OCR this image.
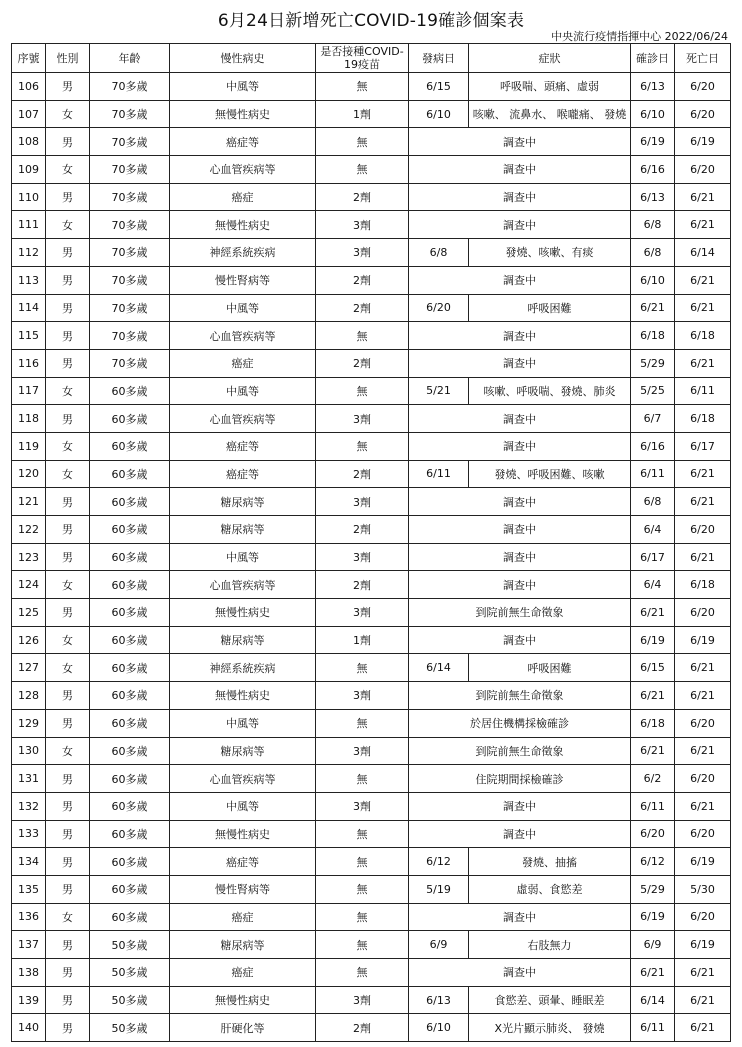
6月24日新增死亡COVID-19確診個案表
中央流行疫情指揮中心 2022/06/24
序號	性別	年齡	慢性病史	是否接種COVID-19疫苗	發病日	症狀	確診日	死亡日
106	男	70多歲	中風等	無	6/15	呼吸喘、頭痛、虛弱	6/13	6/20
107	女	70多歲	無慢性病史	1劑	6/10	咳嗽、 流鼻水、 喉嚨痛、 發燒	6/10	6/20
108	男	70多歲	癌症等	無	調查中		6/19	6/19
109	女	70多歲	心血管疾病等	無	調查中		6/16	6/20
110	男	70多歲	癌症	2劑	調查中		6/13	6/21
111	女	70多歲	無慢性病史	3劑	調查中		6/8	6/21
112	男	70多歲	神經系統疾病	3劑	6/8	發燒、咳嗽、有痰	6/8	6/14
113	男	70多歲	慢性腎病等	2劑	調查中		6/10	6/21
114	男	70多歲	中風等	2劑	6/20	呼吸困難	6/21	6/21
115	男	70多歲	心血管疾病等	無	調查中		6/18	6/18
116	男	70多歲	癌症	2劑	調查中		5/29	6/21
117	女	60多歲	中風等	無	5/21	咳嗽、呼吸喘、發燒、肺炎	5/25	6/11
118	男	60多歲	心血管疾病等	3劑	調查中		6/7	6/18
119	女	60多歲	癌症等	無	調查中		6/16	6/17
120	女	60多歲	癌症等	2劑	6/11	發燒、呼吸困難、咳嗽	6/11	6/21
121	男	60多歲	糖尿病等	3劑	調查中		6/8	6/21
122	男	60多歲	糖尿病等	2劑	調查中		6/4	6/20
123	男	60多歲	中風等	3劑	調查中		6/17	6/21
124	女	60多歲	心血管疾病等	2劑	調查中		6/4	6/18
125	男	60多歲	無慢性病史	3劑	到院前無生命徵象		6/21	6/20
126	女	60多歲	糖尿病等	1劑	調查中		6/19	6/19
127	女	60多歲	神經系統疾病	無	6/14	呼吸困難	6/15	6/21
128	男	60多歲	無慢性病史	3劑	到院前無生命徵象		6/21	6/21
129	男	60多歲	中風等	無	於居住機構採檢確診		6/18	6/20
130	女	60多歲	糖尿病等	3劑	到院前無生命徵象		6/21	6/21
131	男	60多歲	心血管疾病等	無	住院期間採檢確診		6/2	6/20
132	男	60多歲	中風等	3劑	調查中		6/11	6/21
133	男	60多歲	無慢性病史	無	調查中		6/20	6/20
134	男	60多歲	癌症等	無	6/12	發燒、抽搐	6/12	6/19
135	男	60多歲	慢性腎病等	無	5/19	虛弱、食慾差	5/29	5/30
136	女	60多歲	癌症	無	調查中		6/19	6/20
137	男	50多歲	糖尿病等	無	6/9	右肢無力	6/9	6/19
138	男	50多歲	癌症	無	調查中		6/21	6/21
139	男	50多歲	無慢性病史	3劑	6/13	食慾差、頭暈、睡眠差	6/14	6/21
140	男	50多歲	肝硬化等	2劑	6/10	X光片顯示肺炎、 發燒	6/11	6/21
